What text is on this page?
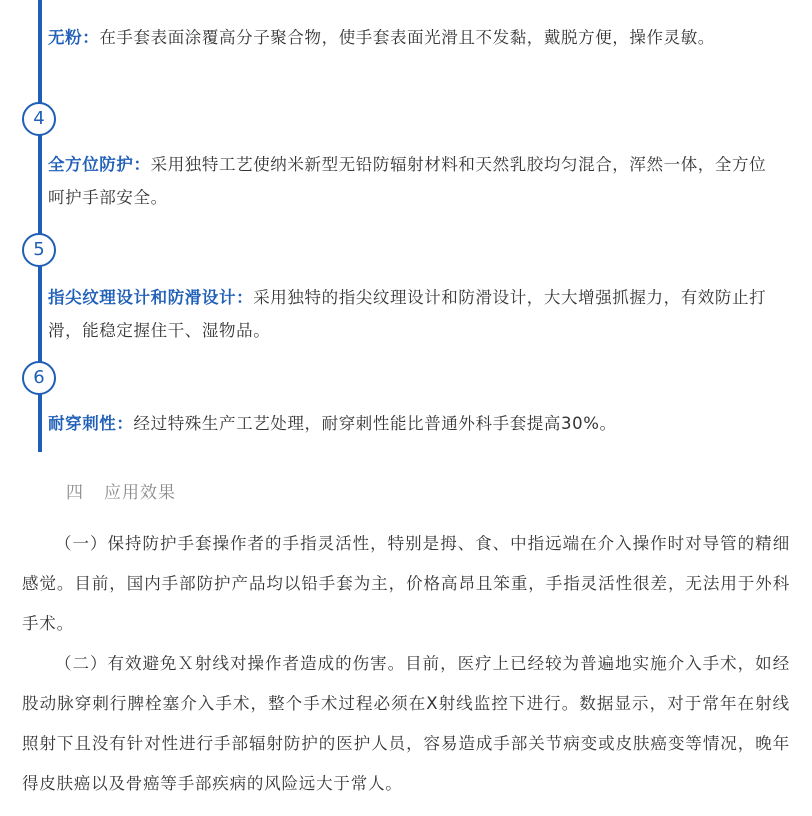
无粉：在手套表面涂覆高分子聚合物，使手套表面光滑且不发黏，戴脱方便，操作灵敏。
4
全方位防护：采用独特工艺使纳米新型无铅防辐射材料和天然乳胶均匀混合，浑然一体，全方位呵护手部安全。
5
指尖纹理设计和防滑设计：采用独特的指尖纹理设计和防滑设计，大大增强抓握力，有效防止打滑，能稳定握住干、湿物品。
6
耐穿刺性：经过特殊生产工艺处理，耐穿刺性能比普通外科手套提高30%。
四 应用效果
（一）保持防护手套操作者的手指灵活性，特别是拇、食、中指远端在介入操作时对导管的精细感觉。目前，国内手部防护产品均以铅手套为主，价格高昂且笨重，手指灵活性很差，无法用于外科手术。
（二）有效避免Ｘ射线对操作者造成的伤害。目前，医疗上已经较为普遍地实施介入手术，如经股动脉穿刺行脾栓塞介入手术，整个手术过程必须在X射线监控下进行。数据显示，对于常年在射线照射下且没有针对性进行手部辐射防护的医护人员，容易造成手部关节病变或皮肤癌变等情况，晚年得皮肤癌以及骨癌等手部疾病的风险远大于常人。
